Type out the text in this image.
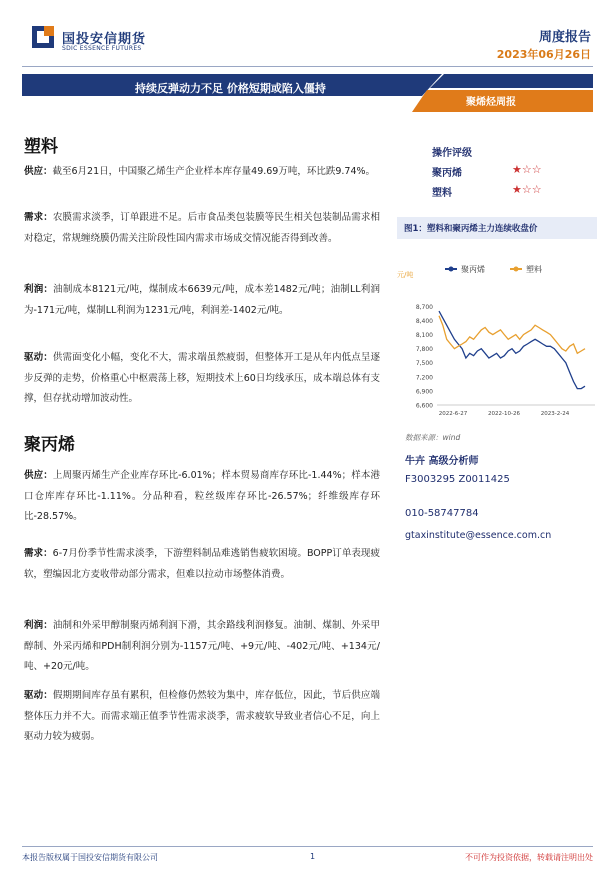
国投安信期货
SDIC ESSENCE FUTURES
周度报告
2023年06月26日
持续反弹动力不足 价格短期或陷入僵持
聚烯烃周报
塑料
供应：截至6月21日，中国聚乙烯生产企业样本库存量49.69万吨，环比跌9.74%。
需求：农膜需求淡季，订单跟进不足。后市食品类包装膜等民生相关包装制品需求相对稳定，常规缠绕膜仍需关注阶段性国内需求市场成交情况能否得到改善。
利润：油制成本8121元/吨，煤制成本6639元/吨，成本差1482元/吨；油制LL利润为-171元/吨，煤制LL利润为1231元/吨，利润差-1402元/吨。
驱动：供需面变化小幅，变化不大，需求端虽然疲弱，但整体开工是从年内低点呈逐步反弹的走势，价格重心中枢震荡上移，短期技术上60日均线承压，成本端总体有支撑，但存扰动增加波动性。
聚丙烯
供应：上周聚丙烯生产企业库存环比-6.01%；样本贸易商库存环比-1.44%；样本港口仓库库存环比-1.11%。分品种看，粒丝级库存环比-26.57%；纤维级库存环比-28.57%。
需求：6-7月份季节性需求淡季，下游塑料制品难逃销售疲软困境。BOPP订单表现疲软，塑编因北方麦收带动部分需求，但难以拉动市场整体消费。
利润：油制和外采甲醇制聚丙烯利润下滑，其余路线利润修复。油制、煤制、外采甲醇制、外采丙烯和PDH制利润分别为-1157元/吨、+9元/吨、-402元/吨、+134元/吨、+20元/吨。
驱动：假期期间库存虽有累积，但检修仍然较为集中，库存低位，因此，节后供应端整体压力并不大。而需求端正值季节性需求淡季，需求疲软导致业者信心不足，向上驱动力较为疲弱。
操作评级
聚丙烯	★☆☆
塑料	★☆☆
图1：塑料和聚丙烯主力连续收盘价
聚丙烯	塑料
元/吨
6,600
6,900
7,200
7,500
7,800
8,100
8,400
8,700
2022-6-27	2022-10-26	2023-2-24
数据来源：wind
牛卉 高级分析师
F3003295 Z0011425
010-58747784
gtaxinstitute@essence.com.cn
本报告版权属于国投安信期货有限公司	1	不可作为投资依据，转载请注明出处
